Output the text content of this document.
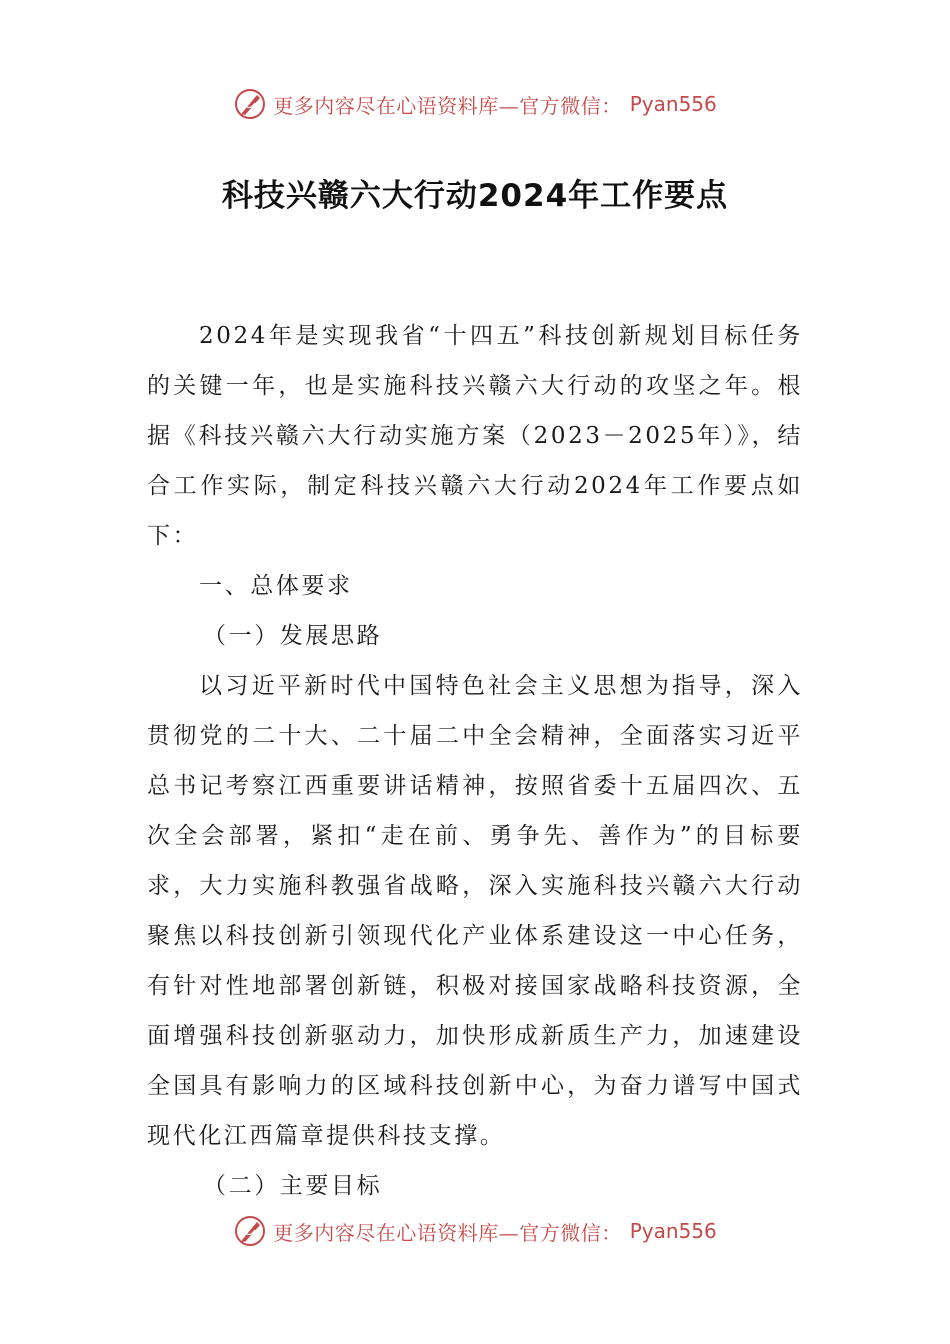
更多内容尽在心语资料库—官方微信： Pyan556
科技兴赣六大行动2024年工作要点

2024年是实现我省“十四五”科技创新规划目标任务的关键一年，也是实施科技兴赣六大行动的攻坚之年。根据《科技兴赣六大行动实施方案（2023－2025年）》，结合工作实际，制定科技兴赣六大行动2024年工作要点如下：

一、总体要求

（一）发展思路

以习近平新时代中国特色社会主义思想为指导，深入贯彻党的二十大、二十届二中全会精神，全面落实习近平总书记考察江西重要讲话精神，按照省委十五届四次、五次全会部署，紧扣“走在前、勇争先、善作为”的目标要求，大力实施科教强省战略，深入实施科技兴赣六大行动聚焦以科技创新引领现代化产业体系建设这一中心任务，有针对性地部署创新链，积极对接国家战略科技资源，全面增强科技创新驱动力，加快形成新质生产力，加速建设全国具有影响力的区域科技创新中心，为奋力谱写中国式现代化江西篇章提供科技支撑。

（二）主要目标

更多内容尽在心语资料库—官方微信： Pyan556
